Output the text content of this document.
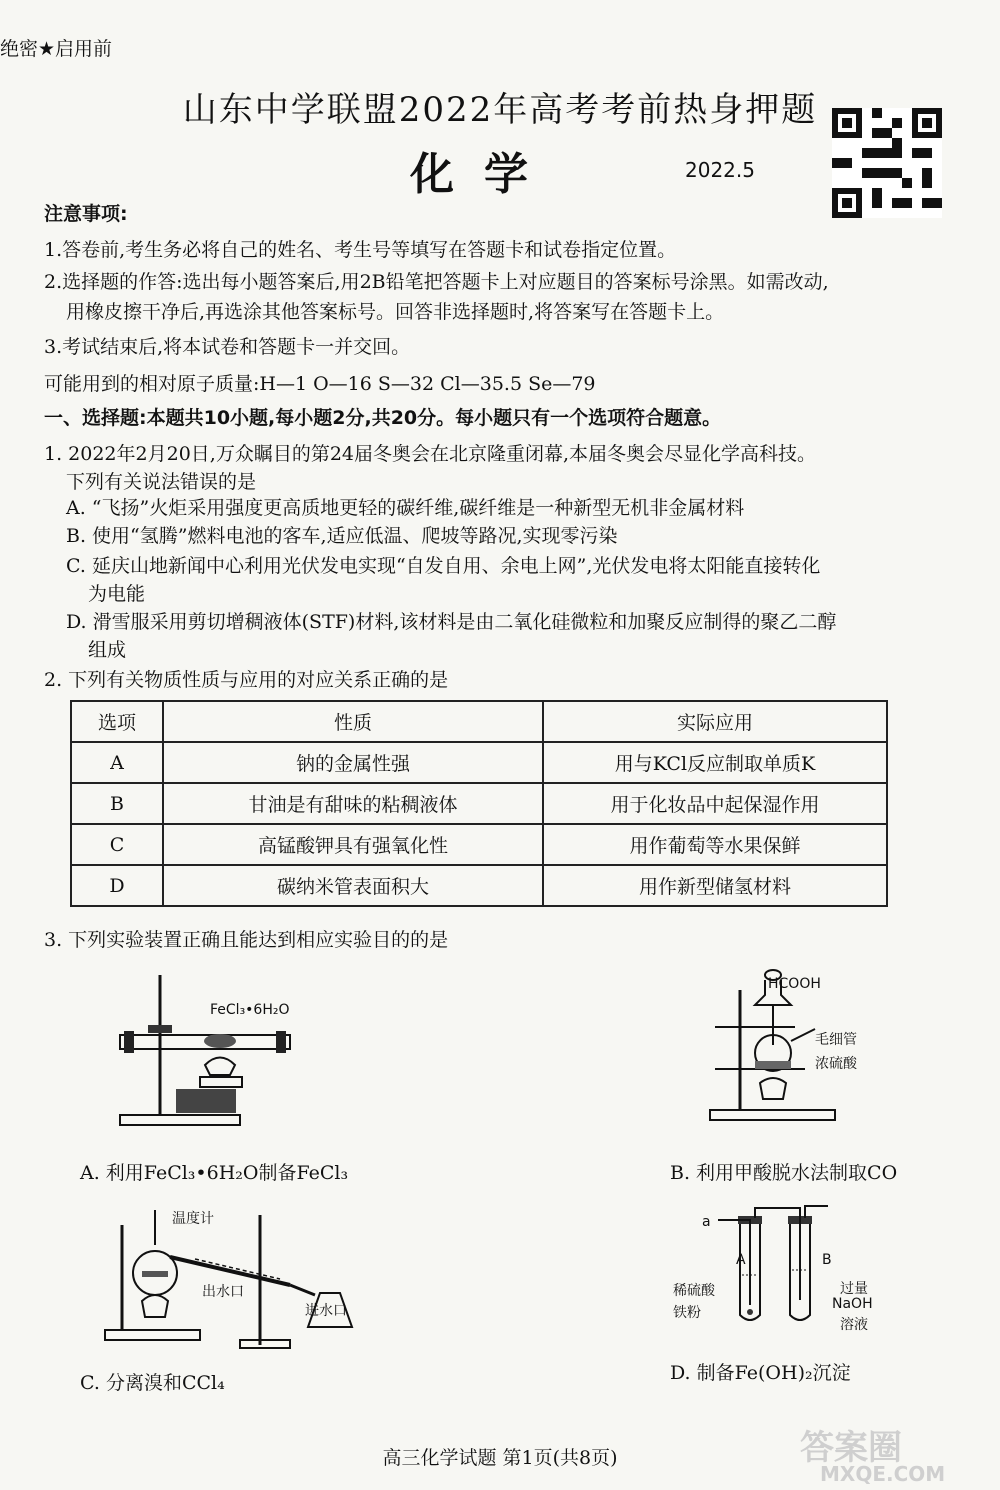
绝密★启用前
山东中学联盟2022年高考考前热身押题
化学	2022.5
注意事项:
1.答卷前,考生务必将自己的姓名、考生号等填写在答题卡和试卷指定位置。
2.选择题的作答:选出每小题答案后,用2B铅笔把答题卡上对应题目的答案标号涂黑。如需改动,
用橡皮擦干净后,再选涂其他答案标号。回答非选择题时,将答案写在答题卡上。
3.考试结束后,将本试卷和答题卡一并交回。
可能用到的相对原子质量:H—1 O—16 S—32 Cl—35.5 Se—79
一、选择题:本题共10小题,每小题2分,共20分。每小题只有一个选项符合题意。
1. 2022年2月20日,万众瞩目的第24届冬奥会在北京隆重闭幕,本届冬奥会尽显化学高科技。
下列有关说法错误的是
A. “飞扬”火炬采用强度更高质地更轻的碳纤维,碳纤维是一种新型无机非金属材料
B. 使用“氢腾”燃料电池的客车,适应低温、爬坡等路况,实现零污染
C. 延庆山地新闻中心利用光伏发电实现“自发自用、余电上网”,光伏发电将太阳能直接转化
为电能
D. 滑雪服采用剪切增稠液体(STF)材料,该材料是由二氧化硅微粒和加聚反应制得的聚乙二醇
组成
2. 下列有关物质性质与应用的对应关系正确的是
选项	性质	实际应用
A	钠的金属性强	用与KCl反应制取单质K
B	甘油是有甜味的粘稠液体	用于化妆品中起保湿作用
C	高锰酸钾具有强氧化性	用作葡萄等水果保鲜
D	碳纳米管表面积大	用作新型储氢材料
3. 下列实验装置正确且能达到相应实验目的的是
FeCl₃•6H₂O
A. 利用FeCl₃•6H₂O制备FeCl₃
HCOOH
毛细管
浓硫酸
B. 利用甲酸脱水法制取CO
温度计
出水口
进水口
C. 分离溴和CCl₄
a
A	B
稀硫酸
铁粉
过量
NaOH
溶液
D. 制备Fe(OH)₂沉淀
高三化学试题 第1页(共8页)	答案圈
MXQE.COM
